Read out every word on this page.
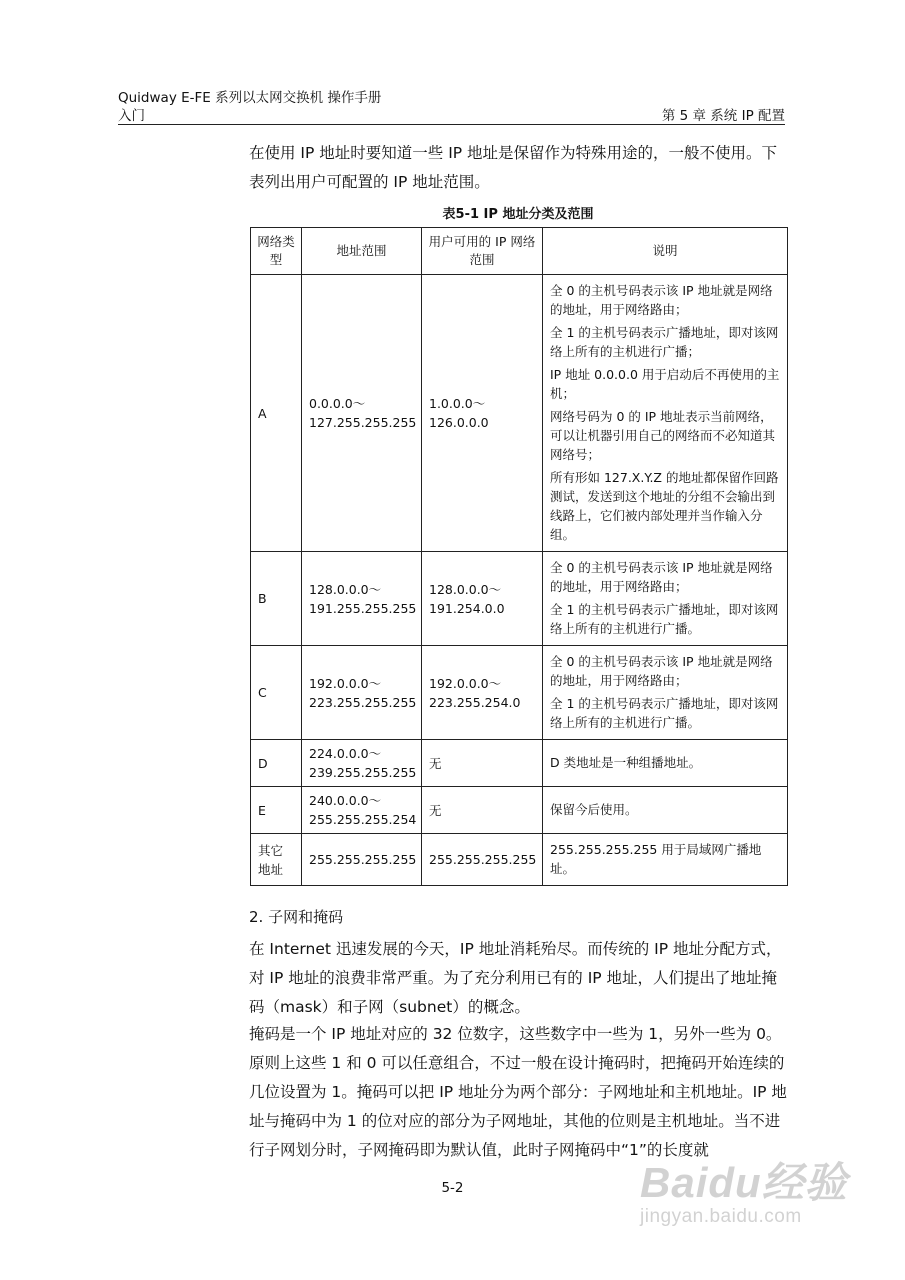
Quidway E-FE 系列以太网交换机 操作手册
入门	第 5 章 系统 IP 配置

在使用 IP 地址时要知道一些 IP 地址是保留作为特殊用途的，一般不使用。下表列出用户可配置的 IP 地址范围。

表5-1 IP 地址分类及范围
网络类型	地址范围	用户可用的 IP 网络范围	说明
A	0.0.0.0～127.255.255.255	1.0.0.0～126.0.0.0	全 0 的主机号码表示该 IP 地址就是网络的地址，用于网络路由；

全 1 的主机号码表示广播地址，即对该网络上所有的主机进行广播；

IP 地址 0.0.0.0 用于启动后不再使用的主机；

网络号码为 0 的 IP 地址表示当前网络，可以让机器引用自己的网络而不必知道其网络号；

所有形如 127.X.Y.Z 的地址都保留作回路测试，发送到这个地址的分组不会输出到线路上，它们被内部处理并当作输入分组。

B	128.0.0.0～191.255.255.255	128.0.0.0～191.254.0.0	全 0 的主机号码表示该 IP 地址就是网络的地址，用于网络路由；

全 1 的主机号码表示广播地址，即对该网络上所有的主机进行广播。

C	192.0.0.0～223.255.255.255	192.0.0.0～223.255.254.0	全 0 的主机号码表示该 IP 地址就是网络的地址，用于网络路由；

全 1 的主机号码表示广播地址，即对该网络上所有的主机进行广播。

D	224.0.0.0～239.255.255.255	无	D 类地址是一种组播地址。

E	240.0.0.0～255.255.255.254	无	保留今后使用。

其它地址	255.255.255.255	255.255.255.255	255.255.255.255 用于局域网广播地址。

2. 子网和掩码

在 Internet 迅速发展的今天，IP 地址消耗殆尽。而传统的 IP 地址分配方式，对 IP 地址的浪费非常严重。为了充分利用已有的 IP 地址，人们提出了地址掩码（mask）和子网（subnet）的概念。

掩码是一个 IP 地址对应的 32 位数字，这些数字中一些为 1，另外一些为 0。原则上这些 1 和 0 可以任意组合，不过一般在设计掩码时，把掩码开始连续的几位设置为 1。掩码可以把 IP 地址分为两个部分：子网地址和主机地址。IP 地址与掩码中为 1 的位对应的部分为子网地址，其他的位则是主机地址。当不进行子网划分时，子网掩码即为默认值，此时子网掩码中“1”的长度就

5-2	Baidu经验
jingyan.baidu.com
